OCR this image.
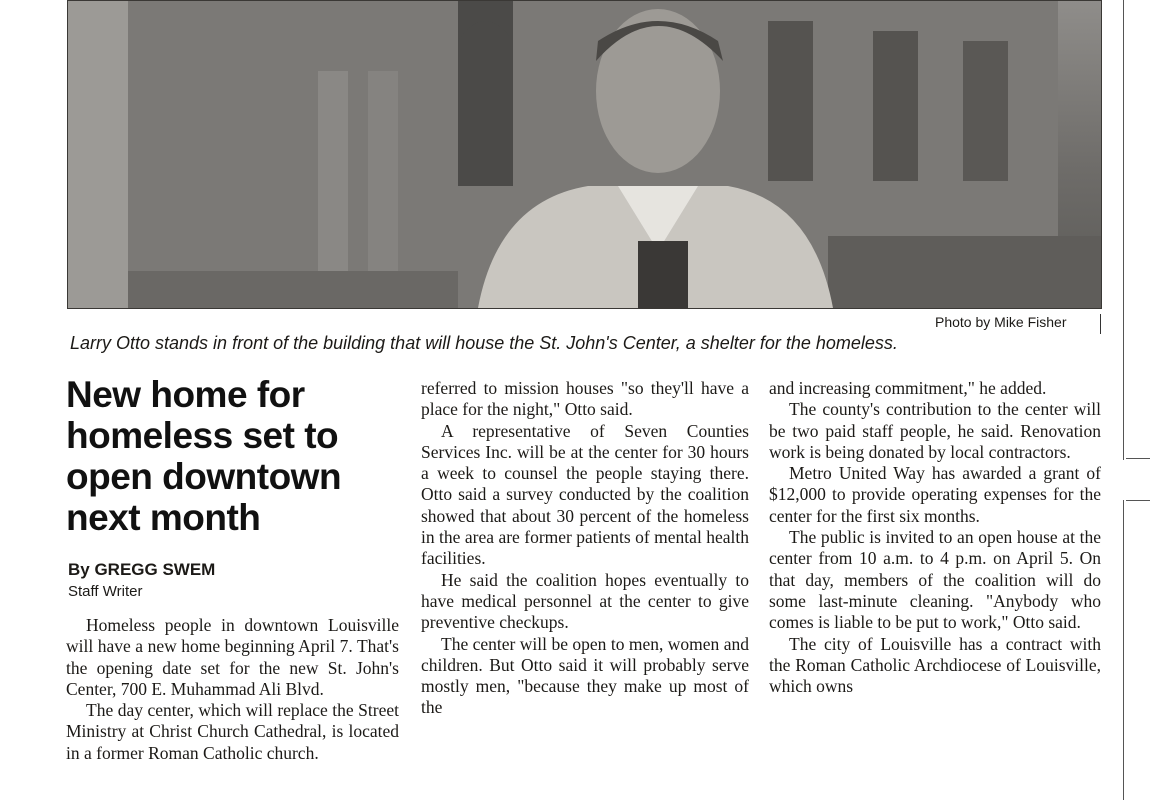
Photo by Mike Fisher
Larry Otto stands in front of the building that will house the St. John's Center, a shelter for the homeless.
New home for homeless set to open downtown next month
By GREGG SWEM
Staff Writer

Homeless people in downtown Louisville will have a new home beginning April 7. That's the opening date set for the new St. John's Center, 700 E. Muhammad Ali Blvd.

The day center, which will replace the Street Ministry at Christ Church Cathedral, is located in a former Roman Catholic church.

referred to mission houses "so they'll have a place for the night," Otto said.

A representative of Seven Counties Services Inc. will be at the center for 30 hours a week to counsel the people staying there. Otto said a survey conducted by the coalition showed that about 30 percent of the homeless in the area are former patients of mental health facilities.

He said the coalition hopes eventually to have medical personnel at the center to give preventive checkups.

The center will be open to men, women and children. But Otto said it will probably serve mostly men, "because they make up most of the

and increasing commitment," he added.

The county's contribution to the center will be two paid staff people, he said. Renovation work is being donated by local contractors.

Metro United Way has awarded a grant of $12,000 to provide operating expenses for the center for the first six months.

The public is invited to an open house at the center from 10 a.m. to 4 p.m. on April 5. On that day, members of the coalition will do some last-minute cleaning. "Anybody who comes is liable to be put to work," Otto said.

The city of Louisville has a contract with the Roman Catholic Archdiocese of Louisville, which owns
